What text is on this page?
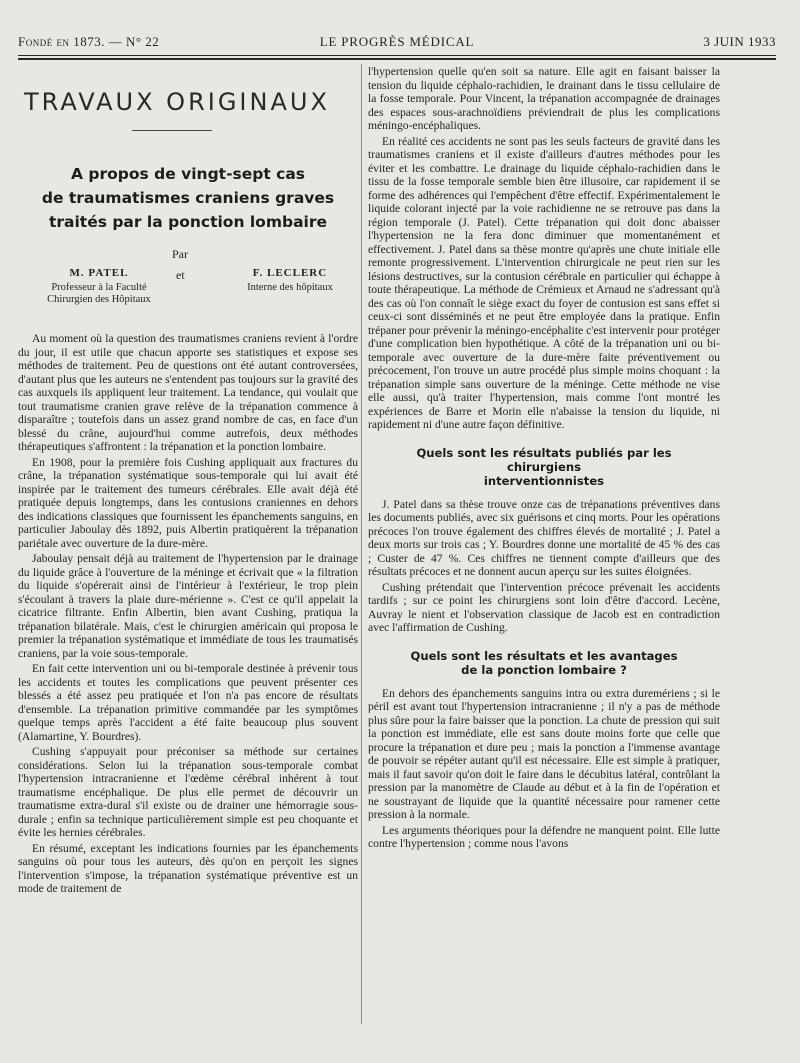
Fondé en 1873. — N° 22	LE PROGRÈS MÉDICAL	3 JUIN 1933
TRAVAUX ORIGINAUX
A propos de vingt-sept cas
de traumatismes craniens graves
traités par la ponction lombaire
Par
M. PATEL
Professeur à la Faculté
Chirurgien des Hôpitaux
et	F. LECLERC
Interne des hôpitaux

Au moment où la question des traumatismes craniens revient à l'ordre du jour, il est utile que chacun apporte ses statistiques et expose ses méthodes de traitement. Peu de questions ont été autant controversées, d'autant plus que les auteurs ne s'entendent pas toujours sur la gravité des cas auxquels ils appliquent leur traitement. La tendance, qui voulait que tout traumatisme cranien grave relève de la trépanation commence à disparaître ; toutefois dans un assez grand nombre de cas, en face d'un blessé du crâne, aujourd'hui comme autrefois, deux méthodes thérapeutiques s'affrontent : la trépanation et la ponction lombaire.

En 1908, pour la première fois Cushing appliquait aux fractures du crâne, la trépanation systématique sous-temporale qui lui avait été inspirée par le traitement des tumeurs cérébrales. Elle avait déjà été pratiquée depuis longtemps, dans les contusions craniennes en dehors des indications classiques que fournissent les épanchements sanguins, en particulier Jaboulay dès 1892, puis Albertin pratiquèrent la trépanation pariétale avec ouverture de la dure-mère.

Jaboulay pensait déjà au traitement de l'hypertension par le drainage du liquide grâce à l'ouverture de la méninge et écrivait que « la filtration du liquide s'opérerait ainsi de l'intérieur à l'extérieur, le trop plein s'écoulant à travers la plaie dure-mérienne ». C'est ce qu'il appelait la cicatrice filtrante. Enfin Albertin, bien avant Cushing, pratiqua la trépanation bilatérale. Mais, c'est le chirurgien américain qui proposa le premier la trépanation systématique et immédiate de tous les traumatisés craniens, par la voie sous-temporale.

En fait cette intervention uni ou bi-temporale destinée à prévenir tous les accidents et toutes les complications que peuvent présenter ces blessés a été assez peu pratiquée et l'on n'a pas encore de résultats d'ensemble. La trépanation primitive commandée par les symptômes quelque temps après l'accident a été faite beaucoup plus souvent (Alamartine, Y. Bourdres).

Cushing s'appuyait pour préconiser sa méthode sur certaines considérations. Selon lui la trépanation sous-temporale combat l'hypertension intracranienne et l'œdème cérébral inhérent à tout traumatisme encéphalique. De plus elle permet de découvrir un traumatisme extra-dural s'il existe ou de drainer une hémorragie sous-durale ; enfin sa technique particulièrement simple est peu choquante et évite les hernies cérébrales.

En résumé, exceptant les indications fournies par les épanchements sanguins où pour tous les auteurs, dès qu'on en perçoit les signes l'intervention s'impose, la trépanation systématique préventive est un mode de traitement de

l'hypertension quelle qu'en soit sa nature. Elle agit en faisant baisser la tension du liquide céphalo-rachidien, le drainant dans le tissu cellulaire de la fosse temporale. Pour Vincent, la trépanation accompagnée de drainages des espaces sous-arachnoïdiens préviendrait de plus les complications méningo-encéphaliques.

En réalité ces accidents ne sont pas les seuls facteurs de gravité dans les traumatismes craniens et il existe d'ailleurs d'autres méthodes pour les éviter et les combattre. Le drainage du liquide céphalo-rachidien dans le tissu de la fosse temporale semble bien être illusoire, car rapidement il se forme des adhérences qui l'empêchent d'être effectif. Expérimentalement le liquide colorant injecté par la voie rachidienne ne se retrouve pas dans la région temporale (J. Patel). Cette trépanation qui doit donc abaisser l'hypertension ne la fera donc diminuer que momentanément et effectivement. J. Patel dans sa thèse montre qu'après une chute initiale elle remonte progressivement. L'intervention chirurgicale ne peut rien sur les lésions destructives, sur la contusion cérébrale en particulier qui échappe à toute thérapeutique. La méthode de Crémieux et Arnaud ne s'adressant qu'à des cas où l'on connaît le siège exact du foyer de contusion est sans effet si ceux-ci sont disséminés et ne peut être employée dans la pratique. Enfin trépaner pour prévenir la méningo-encéphalite c'est intervenir pour protéger d'une complication bien hypothétique. A côté de la trépanation uni ou bi-temporale avec ouverture de la dure-mère faite préventivement ou précocement, l'on trouve un autre procédé plus simple moins choquant : la trépanation simple sans ouverture de la méninge. Cette méthode ne vise elle aussi, qu'à traiter l'hypertension, mais comme l'ont montré les expériences de Barre et Morin elle n'abaisse la tension du liquide, ni rapidement ni d'une autre façon définitive.

Quels sont les résultats publiés par les chirurgiens
interventionnistes

J. Patel dans sa thèse trouve onze cas de trépanations préventives dans les documents publiés, avec six guérisons et cinq morts. Pour les opérations précoces l'on trouve également des chiffres élevés de mortalité ; J. Patel a deux morts sur trois cas ; Y. Bourdres donne une mortalité de 45 % des cas ; Custer de 47 %. Ces chiffres ne tiennent compte d'ailleurs que des résultats précoces et ne donnent aucun aperçu sur les suites éloignées.

Cushing prétendait que l'intervention précoce prévenait les accidents tardifs ; sur ce point les chirurgiens sont loin d'être d'accord. Lecène, Auvray le nient et l'observation classique de Jacob est en contradiction avec l'affirmation de Cushing.

Quels sont les résultats et les avantages
de la ponction lombaire ?

En dehors des épanchements sanguins intra ou extra duremériens ; si le péril est avant tout l'hypertension intracranienne ; il n'y a pas de méthode plus sûre pour la faire baisser que la ponction. La chute de pression qui suit la ponction est immédiate, elle est sans doute moins forte que celle que procure la trépanation et dure peu ; mais la ponction a l'immense avantage de pouvoir se répéter autant qu'il est nécessaire. Elle est simple à pratiquer, mais il faut savoir qu'on doit le faire dans le décubitus latéral, contrôlant la pression par la manomètre de Claude au début et à la fin de l'opération et ne soustrayant de liquide que la quantité nécessaire pour ramener cette pression à la normale.

Les arguments théoriques pour la défendre ne manquent point. Elle lutte contre l'hypertension ; comme nous l'avons
